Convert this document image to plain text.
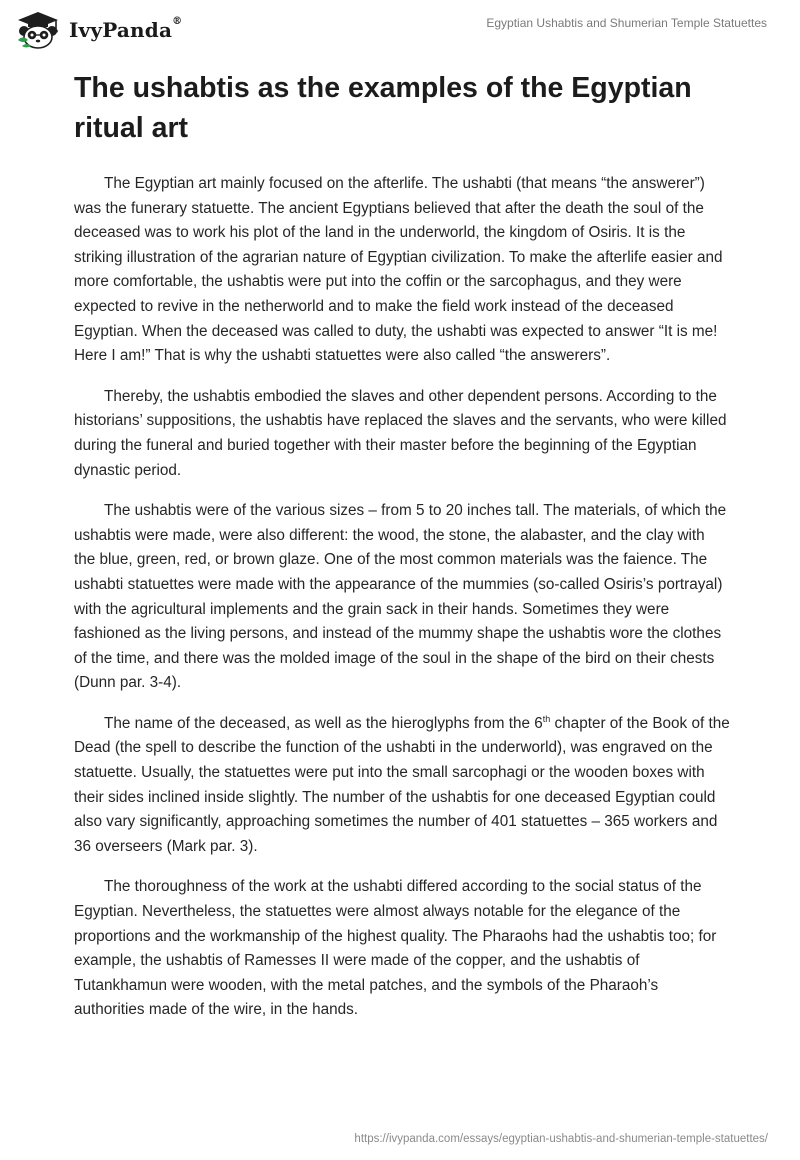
IvyPanda®	Egyptian Ushabtis and Shumerian Temple Statuettes
The ushabtis as the examples of the Egyptian ritual art

The Egyptian art mainly focused on the afterlife. The ushabti (that means “the answerer”) was the funerary statuette. The ancient Egyptians believed that after the death the soul of the deceased was to work his plot of the land in the underworld, the kingdom of Osiris. It is the striking illustration of the agrarian nature of Egyptian civilization. To make the afterlife easier and more comfortable, the ushabtis were put into the coffin or the sarcophagus, and they were expected to revive in the netherworld and to make the field work instead of the deceased Egyptian. When the deceased was called to duty, the ushabti was expected to answer “It is me! Here I am!” That is why the ushabti statuettes were also called “the answerers”.

Thereby, the ushabtis embodied the slaves and other dependent persons. According to the historians’ suppositions, the ushabtis have replaced the slaves and the servants, who were killed during the funeral and buried together with their master before the beginning of the Egyptian dynastic period.

The ushabtis were of the various sizes – from 5 to 20 inches tall. The materials, of which the ushabtis were made, were also different: the wood, the stone, the alabaster, and the clay with the blue, green, red, or brown glaze. One of the most common materials was the faience. The ushabti statuettes were made with the appearance of the mummies (so-called Osiris’s portrayal) with the agricultural implements and the grain sack in their hands. Sometimes they were fashioned as the living persons, and instead of the mummy shape the ushabtis wore the clothes of the time, and there was the molded image of the soul in the shape of the bird on their chests (Dunn par. 3-4).

The name of the deceased, as well as the hieroglyphs from the 6th chapter of the Book of the Dead (the spell to describe the function of the ushabti in the underworld), was engraved on the statuette. Usually, the statuettes were put into the small sarcophagi or the wooden boxes with their sides inclined inside slightly. The number of the ushabtis for one deceased Egyptian could also vary significantly, approaching sometimes the number of 401 statuettes – 365 workers and 36 overseers (Mark par. 3).

The thoroughness of the work at the ushabti differed according to the social status of the Egyptian. Nevertheless, the statuettes were almost always notable for the elegance of the proportions and the workmanship of the highest quality. The Pharaohs had the ushabtis too; for example, the ushabtis of Ramesses II were made of the copper, and the ushabtis of Tutankhamun were wooden, with the metal patches, and the symbols of the Pharaoh’s authorities made of the wire, in the hands.

https://ivypanda.com/essays/egyptian-ushabtis-and-shumerian-temple-statuettes/
